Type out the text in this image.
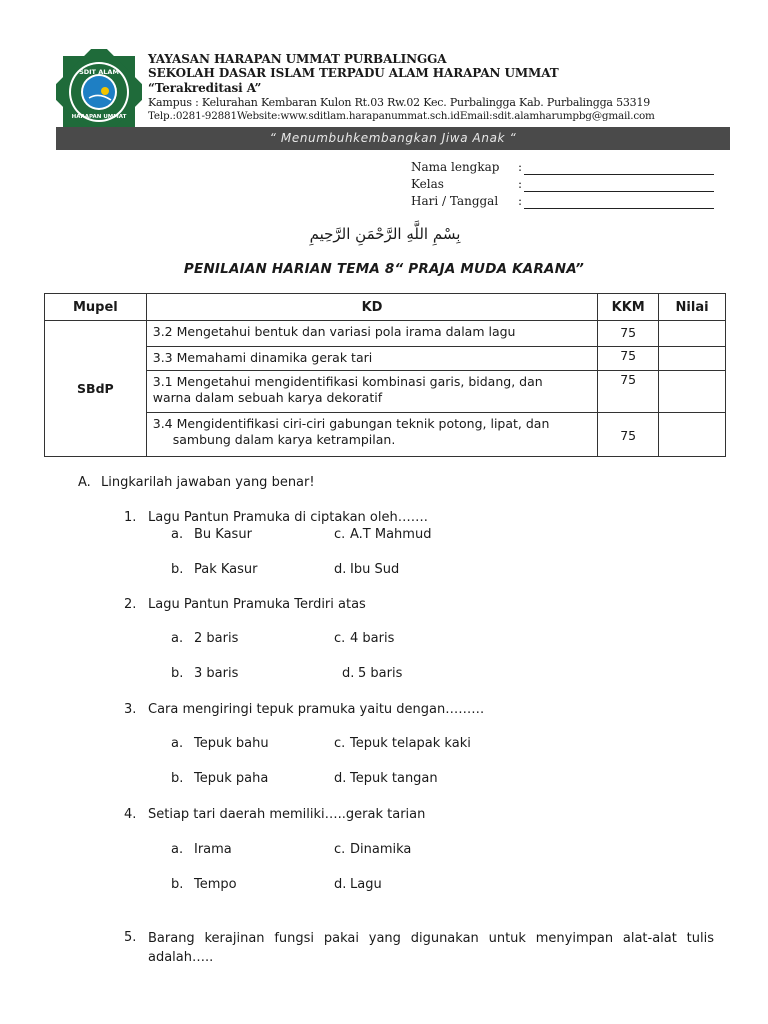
SDIT ALAM
HARAPAN UMMAT
YAYASAN HARAPAN UMMAT PURBALINGGA
SEKOLAH DASAR ISLAM TERPADU ALAM HARAPAN UMMAT
“Terakreditasi A”
Kampus : Kelurahan Kembaran Kulon Rt.03 Rw.02 Kec. Purbalingga Kab. Purbalingga 53319
Telp.:0281-92881Website:www.sditlam.harapanummat.sch.idEmail:sdit.alamharumpbg@gmail.com
“ Menumbuhkembangkan Jiwa Anak “
Nama lengkap :
Kelas	:
Hari / Tanggal :
بِسْمِ اللَّهِ الرَّحْمَنِ الرَّحِيمِ
PENILAIAN HARIAN TEMA 8“ PRAJA MUDA KARANA”
Mupel	KD	KKM	Nilai
SBdP	3.2 Mengetahui bentuk dan variasi pola irama dalam lagu	75	
	3.3 Memahami dinamika gerak tari	75	
	3.1 Mengetahui mengidentifikasi kombinasi garis, bidang, dan
warna dalam sebuah karya dekoratif	75	
	3.4 Mengidentifikasi ciri-ciri gabungan teknik potong, lipat, dan
sambung dalam karya ketrampilan.	75	
A. Lingkarilah jawaban yang benar!
1. Lagu Pantun Pramuka di ciptakan oleh…….
a. Bu Kasur	c. A.T Mahmud
b. Pak Kasur	d. Ibu Sud
2. Lagu Pantun Pramuka Terdiri atas
a. 2 baris	c. 4 baris
b. 3 baris	d. 5 baris
3. Cara mengiringi tepuk pramuka yaitu dengan………
a. Tepuk bahu	c. Tepuk telapak kaki
b. Tepuk paha	d. Tepuk tangan
4. Setiap tari daerah memiliki…..gerak tarian
a. Irama	c. Dinamika
b. Tempo	d. Lagu
5. Barang kerajinan fungsi pakai yang digunakan untuk menyimpan alat-alat tulis adalah…..
